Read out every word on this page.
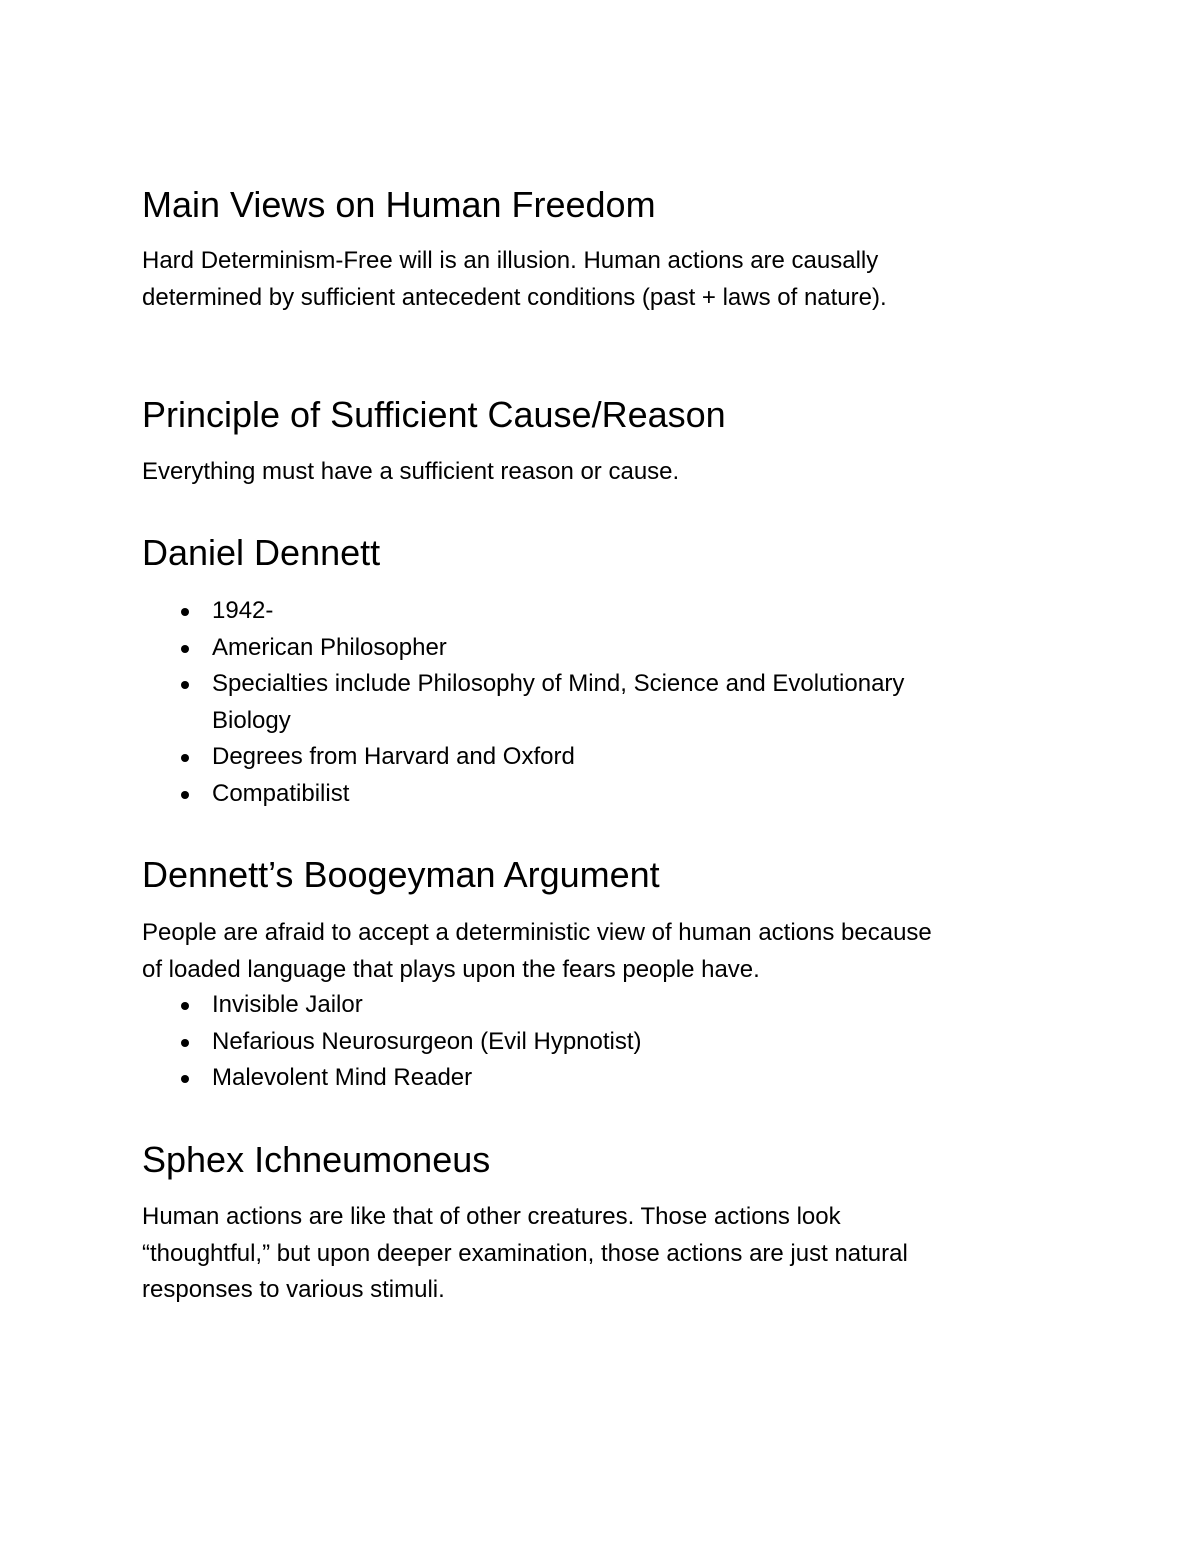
Main Views on Human Freedom
Hard Determinism-Free will is an illusion. Human actions are causally
determined by sufficient antecedent conditions (past + laws of nature).
Principle of Sufficient Cause/Reason
Everything must have a sufficient reason or cause.
Daniel Dennett
1942-
American Philosopher
Specialties include Philosophy of Mind, Science and Evolutionary
Biology
Degrees from Harvard and Oxford
Compatibilist
Dennett’s Boogeyman Argument
People are afraid to accept a deterministic view of human actions because
of loaded language that plays upon the fears people have.
Invisible Jailor
Nefarious Neurosurgeon (Evil Hypnotist)
Malevolent Mind Reader
Sphex Ichneumoneus
Human actions are like that of other creatures. Those actions look
“thoughtful,” but upon deeper examination, those actions are just natural
responses to various stimuli.
